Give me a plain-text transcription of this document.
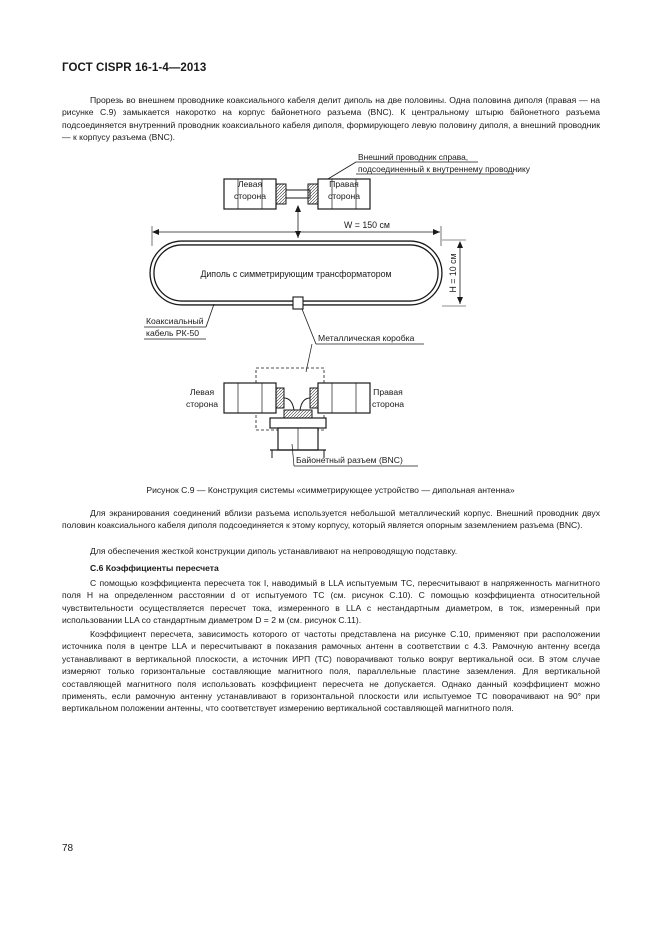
ГОСТ CISPR 16-1-4—2013
Прорезь во внешнем проводнике коаксиального кабеля делит диполь на две половины. Одна половина диполя (правая — на рисунке С.9) замыкается накоротко на корпус байонетного разъема (BNC). К центральному штырю байонетного разъема подсоединяется внутренний проводник коаксиального кабеля диполя, формирующего левую половину диполя, а внешний проводник — к корпусу разъема (BNC).
Внешний проводник справа,
подсоединенный к внутреннему проводнику
Левая
сторона
Правая
сторона
W = 150 см
Диполь с симметрирующим трансформатором	H = 10 см
Коаксиальный
кабель РК-50	Металлическая коробка
Левая
сторона
Правая
сторона
Байонетный разъем (BNC)
Рисунок С.9 — Конструкция системы «симметрирующее устройство — дипольная антенна»
Для экранирования соединений вблизи разъема используется небольшой металлический корпус. Внешний проводник двух половин коаксиального кабеля диполя подсоединяется к этому корпусу, который является опорным заземлением разъема (BNC).
Для обеспечения жесткой конструкции диполь устанавливают на непроводящую подставку.
С.6 Коэффициенты пересчета
С помощью коэффициента пересчета ток I, наводимый в LLA испытуемым ТС, пересчитывают в напряженность магнитного поля H на определенном расстоянии d от испытуемого ТС (см. рисунок С.10). С помощью коэффициента относительной чувствительности осуществляется пересчет тока, измеренного в LLA с нестандартным диаметром, в ток, измеренный при использовании LLA со стандартным диаметром D = 2 м (см. рисунок С.11).
Коэффициент пересчета, зависимость которого от частоты представлена на рисунке С.10, применяют при расположении источника поля в центре LLA и пересчитывают в показания рамочных антенн в соответствии с 4.3. Рамочную антенну всегда устанавливают в вертикальной плоскости, а источник ИРП (ТС) поворачивают только вокруг вертикальной оси. В этом случае измеряют только горизонтальные составляющие магнитного поля, параллельные пластине заземления. Для вертикальной составляющей магнитного поля использовать коэффициент пересчета не допускается. Однако данный коэффициент можно применять, если рамочную антенну устанавливают в горизонтальной плоскости или испытуемое ТС поворачивают на 90° при вертикальном положении антенны, что соответствует измерению вертикальной составляющей магнитного поля.
78
